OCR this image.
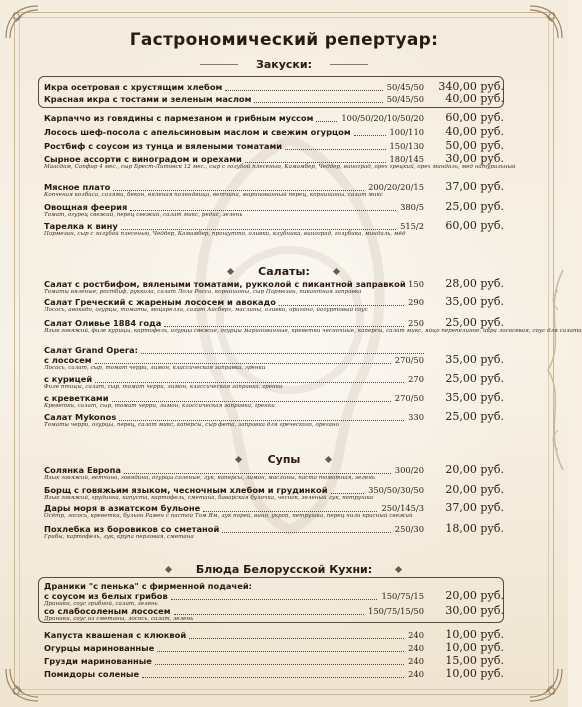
Гастрономический репертуар:
Закуски:
Икра осетровая с хрустящим хлебом	50/45/50 340,00 руб.
Красная икра с тостами и зеленым маслом	50/45/50 40,00 руб.
Карпаччо из говядины с пармезаном и грибным муссом	100/50/20/10/50/20 60,00 руб.
Лосось шеф-посола с апельсиновым маслом и свежим огурцом	100/110 40,00 руб.
Ростбиф с соусом из тунца и вялеными томатами	150/130 50,00 руб.
Сырное ассорти с виноградом и орехами	180/145 30,00 руб.
Маасдам, Сапфир 4 мес., сыр Брест-Литовск 12 мес., сыр с голубой плесенью, Камамбер, Чеддер, виноград, орех грецкий, орех миндаль, мед натуральный
Мясное плато	200/20/20/15 37,00 руб.
Копченая колбаса, салями, бекон, вяленая полендвица, ветчина, маринованный перец, корнишоны, салат микс
Овощная феерия	380/5 25,00 руб.
Томат, огурец свежий, перец свежий, салат микс, редис, зелень
Тарелка к вину	515/2 60,00 руб.
Пармезан, сыр с голубой плесенью, Чеддер, Камамбер, прошутто, оливки, клубника, виноград, голубика, миндаль, мёд
Салаты:
Салат с ростбифом, вялеными томатами, рукколой с пикантной заправкой 150 28,00 руб.
Томаты вяленые, ростбиф, руккола, салат Лола Росса, корнишоны, сыр Пармезан, пикантная заправка
Салат Греческий с жареным лососем и авокадо	290 35,00 руб.
Лосось, авокадо, огурцы, томаты, моцарелла, салат Айсберг, маслины, оливки, оригано, йогуртовый соус
Салат Оливье 1884 года	250 25,00 руб.
Язык говяжий, филе курицы, картофель, огурцы свежие, огурцы маринованные, креветки чесночные, каперсы, салат микс, яйцо перепелиное, икра лососевая, соус для салата
Салат Grand Opera:
с лососем	270/50 35,00 руб.
Лосось, салат, сыр, томат черри, лимон, классическая заправка, гренки
с курицей	270 25,00 руб.
Филе птицы, салат, сыр, томат черри, лимон, классическая заправка, гренки
с креветками	270/50 35,00 руб.
Креветки, салат, сыр, томат черри, лимон, классическая заправка, гренки
Салат Mykonos	330 25,00 руб.
Томаты черри, огурцы, перец, салат микс, каперсы, сыр фета, заправка для греческого, орегано
Супы
Солянка Европа	300/20 20,00 руб.
Язык говяжий, ветчина, говядина, огурцы соленые, лук, каперсы, лимон, маслины, паста томатная, зелень
Борщ с говяжьим языком, чесночным хлебом и грудинкой	350/50/30/50 20,00 руб.
Язык говяжий, грудинка, капуста, картофель, сметана, баварская булочка, чеснок, зеленый лук, петрушка
Дары моря в азиатском бульоне	250/145/3 37,00 руб.
Осётр, лосось, креветки, бульон Рамен с пастой Том Ям, лук порей, вино, укроп, петрушка, перец чили красный свежий
Похлебка из боровиков со сметаной	250/30 18,00 руб.
Грибы, картофель, лук, крупа перловая, сметана
Блюда Белорусской Кухни:
Драники "с пенька" с фирменной подачей:
с соусом из белых грибов	150/75/15 20,00 руб.
Драники, соус грибной, салат, зелень
со слабосоленым лососем	150/75/15/50 30,00 руб.
Драники, соус из сметаны, лосось, салат, зелень
Капуста квашеная с клюквой	240 10,00 руб.
Огурцы маринованные	240 10,00 руб.
Грузди маринованные	240 15,00 руб.
Помидоры соленые	240 10,00 руб.
